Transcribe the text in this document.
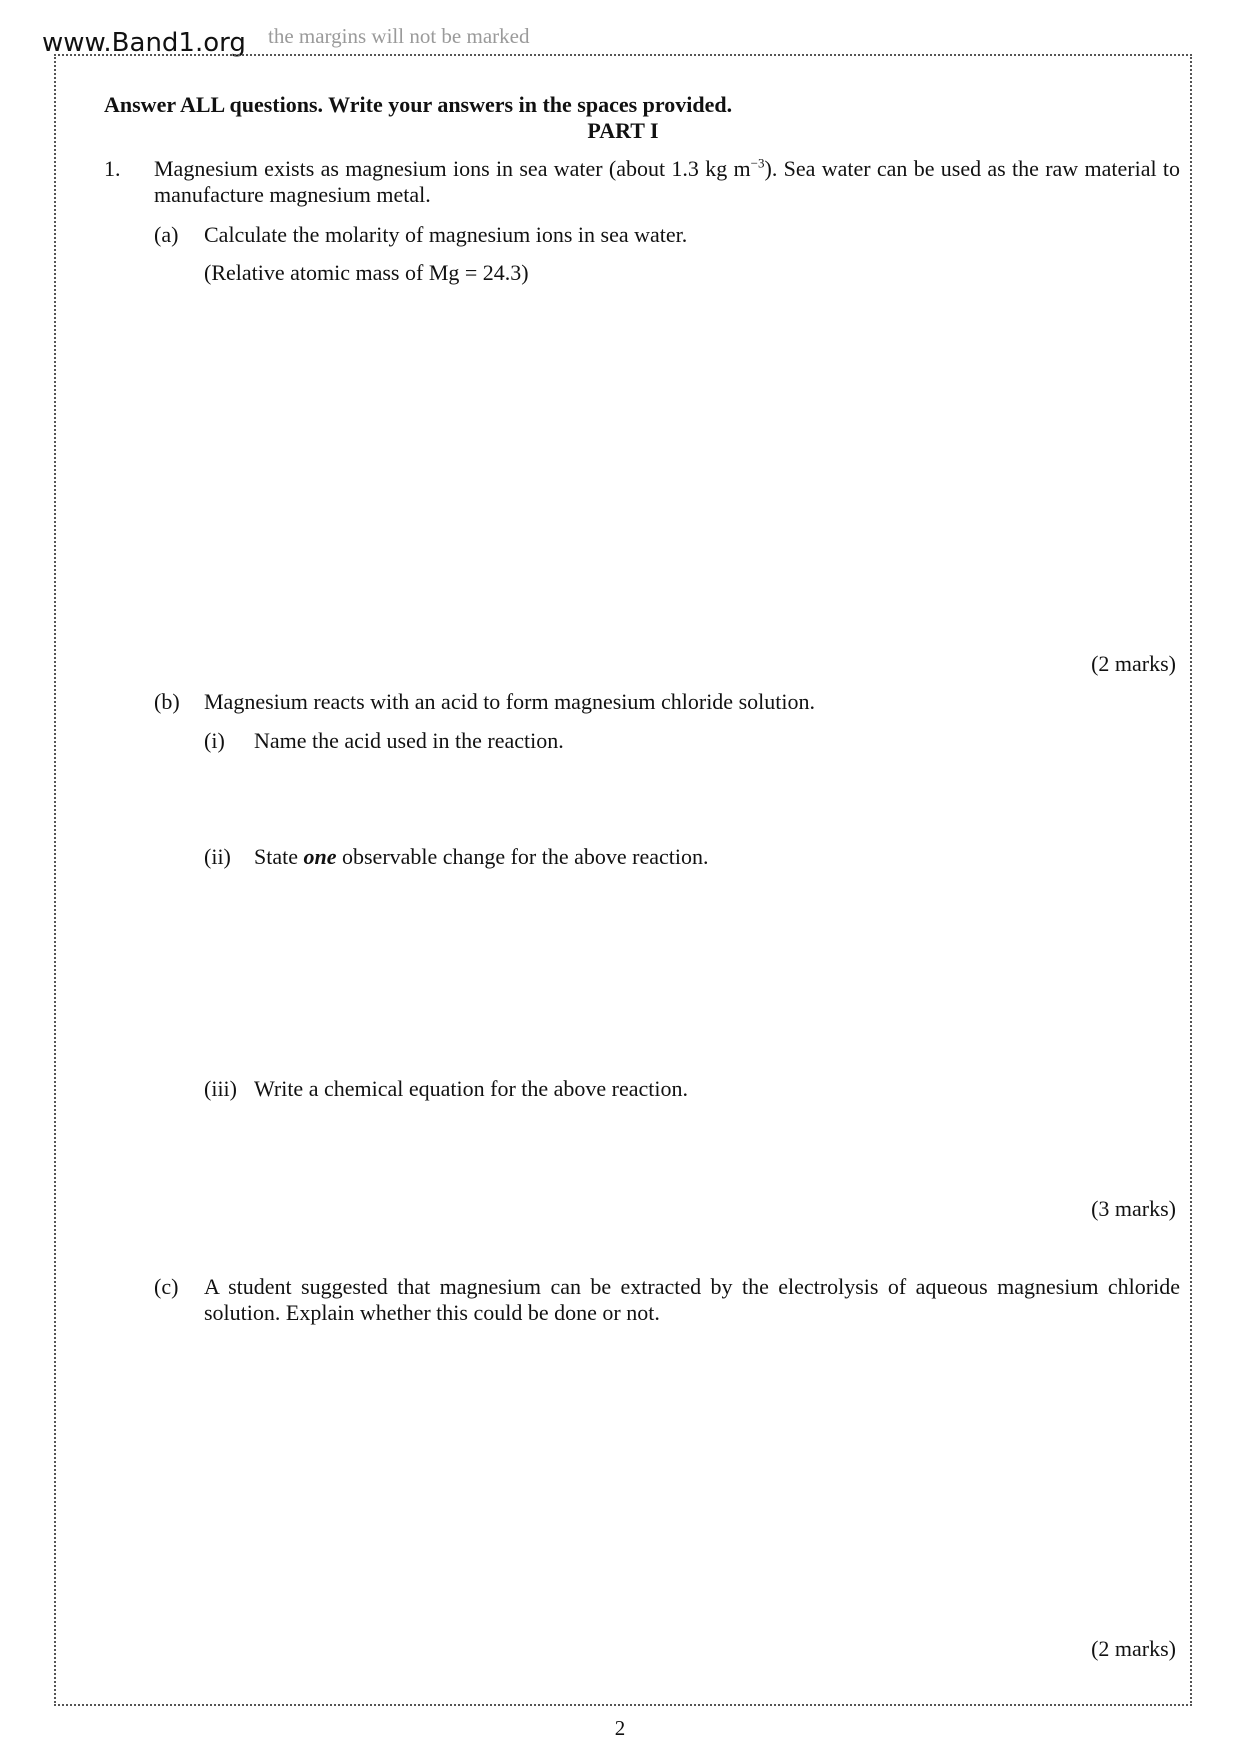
www.Band1.org the margins will not be marked
Answer ALL questions. Write your answers in the spaces provided.
PART I
1. Magnesium exists as magnesium ions in sea water (about 1.3 kg $m^{-3}$). Sea water can be used as the raw material to manufacture magnesium metal.
(a) Calculate the molarity of magnesium ions in sea water.
(Relative atomic mass of Mg = 24.3)
(2 marks)
(b) Magnesium reacts with an acid to form magnesium chloride solution.
(i) Name the acid used in the reaction.
(ii) State one observable change for the above reaction.
(iii) Write a chemical equation for the above reaction.
(3 marks)
(c) A student suggested that magnesium can be extracted by the electrolysis of aqueous magnesium chloride solution. Explain whether this could be done or not.
(2 marks)
2
